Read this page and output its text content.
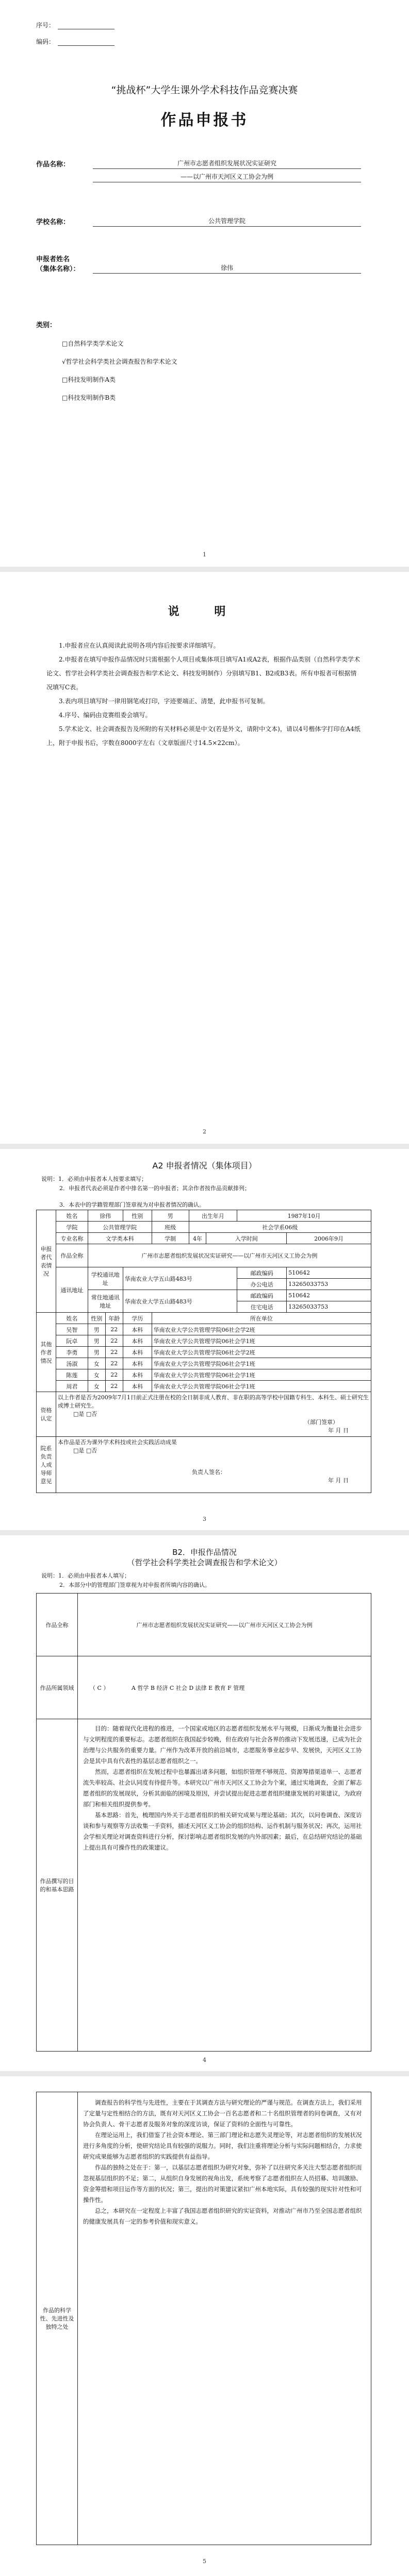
序号：
编码：
“挑战杯”大学生课外学术科技作品竞赛决赛
作品申报书
作品名称：	广州市志愿者组织发展状况实证研究
——以广州市天河区义工协会为例
学校名称：	公共管理学院
申报者姓名
（集体名称）：	徐伟
类别：
□自然科学类学术论文
√哲学社会科学类社会调查报告和学术论文
□科技发明制作A类
□科技发明制作B类
1
说 明

1.申报者应在认真阅读此说明各项内容后按要求详细填写。

2.申报者在填写申报作品情况时只需根据个人项目或集体项目填写A1或A2表，根据作品类别（自然科学类学术论文、哲学社会科学类社会调查报告和学术论文、科技发明制作）分别填写B1、B2或B3表。所有申报者可根据情况填写C表。

3.表内项目填写时一律用钢笔或打印，字迹要端正、清楚，此申报书可复制。

4.序号、编码由竞赛组委会填写。

5.学术论文、社会调查报告及所附的有关材料必须是中文(若是外文，请附中文本)，请以4号楷体字打印在A4纸上，附于申报书后，字数在8000字左右（文章版面尺寸14.5×22cm）。

2
A2 申报者情况（集体项目）
说明：1．必须由申报者本人按要求填写；
2．申报者代表必须是作者中排名第一的申报者；其余作者按作品贡献排列；
3．本表中的学籍管理部门签章视为对申报者情况的确认。
申报者代表情况	姓名	徐伟		性别	男	出生年月		1987年10月	
	学院	公共管理学院			班级	社会学系06级			
	专业名称	文学类本科			学制	4年	入学时间		2006年9月
	作品全称	广州市志愿者组织发展状况实证研究——以广州市天河区义工协会为例							
	通讯地址	学校通讯地址		华南农业大学五山路483号				邮政编码	510642
								办公电话	13265033753
		常住地通讯地址		华南农业大学五山路483号				邮政编码	510642
								住宅电话	13265033753
其他作者情况	姓名	性别	年龄	学历	所在单位				
	吴智	男	22	本科	华南农业大学公共管理学院06社会学2班				
	阮卓	男	22	本科	华南农业大学公共管理学院06社会学1班				
	李勇	男	22	本科	华南农业大学公共管理学院06社会学2班				
	汤淑	女	22	本科	华南农业大学公共管理学院06社会学1班				
	陈莲	女	22	本科	华南农业大学公共管理学院06社会学1班				
	周君	女	22	本科	华南农业大学公共管理学院06社会学1班				
资格认定	以上作者是否为2009年7月1日前正式注册在校的全日制非成人教育、非在职的高等学校中国籍专科生、本科生、硕士研究生或博士研究生。
□是 □否
（部门签章）
年 月 日								

院系负责人或导师意见	本作品是否为课外学术科技或社会实践活动成果
□是 □否
负责人签名：
年 月 日								
3
B2．申报作品情况
（哲学社会科学类社会调查报告和学术论文）
说明：1．必须由申报者本人填写；
2．本部分中的管理部门签章视为对申报者所填内容的确认。
作品全称	广州市志愿者组织发展状况实证研究——以广州市天河区义工协会为例
作品所属领域	（ C ） A 哲学 B 经济 C 社会 D 法律 E 教育 F 管理
作品撰写的目的和基本思路	目的：随着现代化进程的推进，一个国家或地区的志愿者组织发展水平与规模，日渐成为衡量社会进步与文明程度的重要标志。志愿者组织在我国起步较晚，但在政府与社会各界的推动下发展迅速，已成为社会治理与公共服务的重要力量。广州作为改革开放的前沿城市，志愿服务事业起步早、发展快，天河区义工协会是其中具有代表性的基层志愿者组织之一。

然而，志愿者组织在发展过程中也暴露出诸多问题，如组织管理不够规范、资源筹措渠道单一、志愿者流失率较高、社会认同度有待提升等。本研究以广州市天河区义工协会为个案，通过实地调查，全面了解志愿者组织的发展现状，分析其面临的困境及原因，并尝试提出促进志愿者组织健康发展的对策建议，为政府部门和相关组织提供参考。

基本思路：首先，梳理国内外关于志愿者组织的相关研究成果与理论基础；其次，以问卷调查、深度访谈和参与观察等方法收集一手资料，描述天河区义工协会的组织结构、运作机制与服务状况；再次，运用社会学相关理论对调查资料进行分析，探讨影响志愿者组织发展的内外部因素；最后，在总结研究结论的基础上提出具有可操作性的政策建议。

4
作品的科学性、先进性及独特之处	

调查报告的科学性与先进性，主要在于其调查方法与研究理论的严谨与规范。在调查方法上，我们采用了定量与定性相结合的方法，既有对天河区义工协会一百名志愿者和二十名组织管理者的问卷调查，又有对协会负责人、骨干志愿者及服务对象的深度访谈，保证了资料的全面性与可靠性。

在理论运用上，我们借鉴了社会资本理论、第三部门理论和志愿失灵理论等，对志愿者组织的发展状况进行多角度的分析，使研究结论具有较强的说服力。同时，我们注重将理论分析与实际问题相结合，力求使研究成果能够为志愿者组织的实践提供有益指导。

作品的独特之处在于：第一，以基层志愿者组织为研究对象，弥补了以往研究多关注大型志愿者组织而忽视基层组织的不足；第二，从组织自身发展的视角出发，系统考察了志愿者组织在人员招募、培训激励、资金筹措和项目运作等方面的状况；第三，提出的对策建议紧扣广州本地实际，具有较强的现实针对性和可操作性。

总之，本研究在一定程度上丰富了我国志愿者组织研究的实证资料，对推动广州市乃至全国志愿者组织的健康发展具有一定的参考价值和现实意义。

5
